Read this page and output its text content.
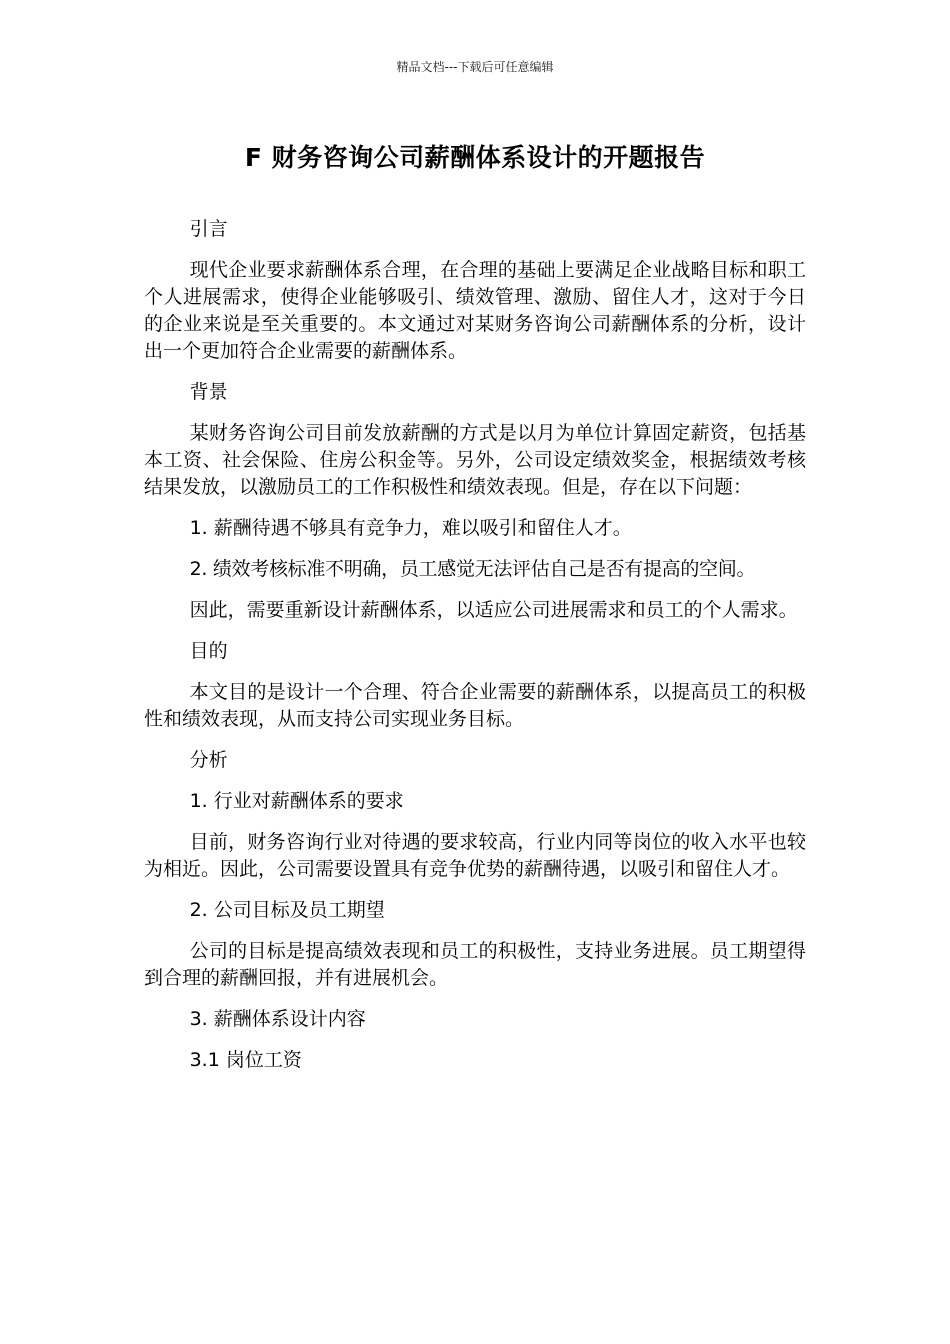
精品文档---下载后可任意编辑
F 财务咨询公司薪酬体系设计的开题报告

引言

现代企业要求薪酬体系合理，在合理的基础上要满足企业战略目标和职工个人进展需求，使得企业能够吸引、绩效管理、激励、留住人才，这对于今日的企业来说是至关重要的。本文通过对某财务咨询公司薪酬体系的分析，设计出一个更加符合企业需要的薪酬体系。

背景

某财务咨询公司目前发放薪酬的方式是以月为单位计算固定薪资，包括基本工资、社会保险、住房公积金等。另外，公司设定绩效奖金，根据绩效考核结果发放，以激励员工的工作积极性和绩效表现。但是，存在以下问题：

1. 薪酬待遇不够具有竞争力，难以吸引和留住人才。

2. 绩效考核标准不明确，员工感觉无法评估自己是否有提高的空间。

因此，需要重新设计薪酬体系，以适应公司进展需求和员工的个人需求。

目的

本文目的是设计一个合理、符合企业需要的薪酬体系，以提高员工的积极性和绩效表现，从而支持公司实现业务目标。

分析

1. 行业对薪酬体系的要求

目前，财务咨询行业对待遇的要求较高，行业内同等岗位的收入水平也较为相近。因此，公司需要设置具有竞争优势的薪酬待遇，以吸引和留住人才。

2. 公司目标及员工期望

公司的目标是提高绩效表现和员工的积极性，支持业务进展。员工期望得到合理的薪酬回报，并有进展机会。

3. 薪酬体系设计内容

3.1 岗位工资
